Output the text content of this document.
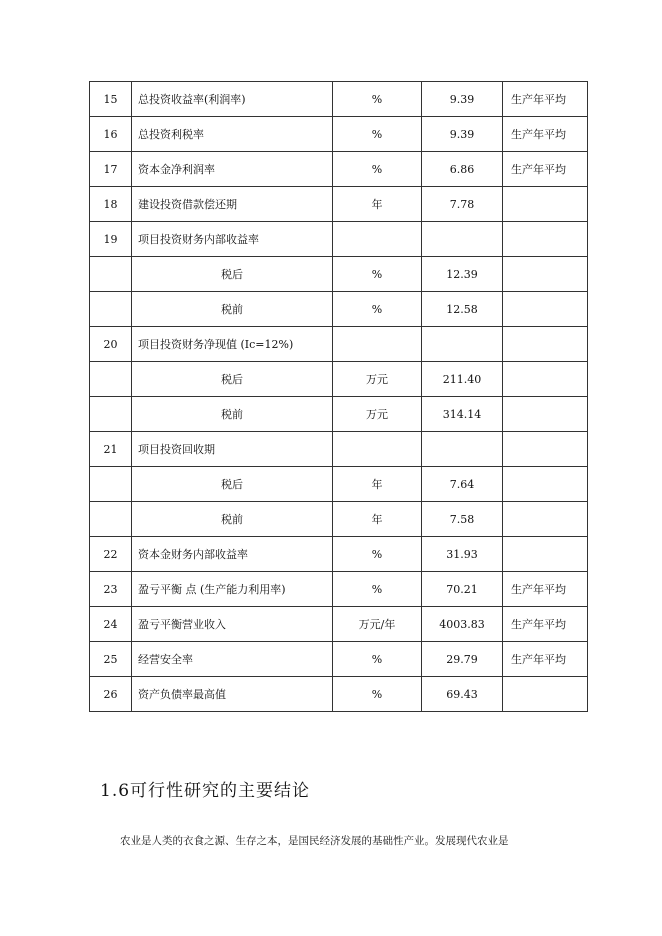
15	总投资收益率(利润率)	%	9.39	生产年平均
16	总投资利税率	%	9.39	生产年平均
17	资本金净利润率	%	6.86	生产年平均
18	建设投资借款偿还期	年	7.78	
19	项目投资财务内部收益率			
	税后	%	12.39	
	税前	%	12.58	
20	项目投资财务净现值 (Ic=12%)			
	税后	万元	211.40	
	税前	万元	314.14	
21	项目投资回收期			
	税后	年	7.64	
	税前	年	7.58	
22	资本金财务内部收益率	%	31.93	
23	盈亏平衡 点 (生产能力利用率)	%	70.21	生产年平均
24	盈亏平衡营业收入	万元/年	4003.83	生产年平均
25	经营安全率	%	29.79	生产年平均
26	资产负债率最高值	%	69.43	
1.6可行性研究的主要结论

农业是人类的衣食之源、生存之本，是国民经济发展的基础性产业。发展现代农业是
